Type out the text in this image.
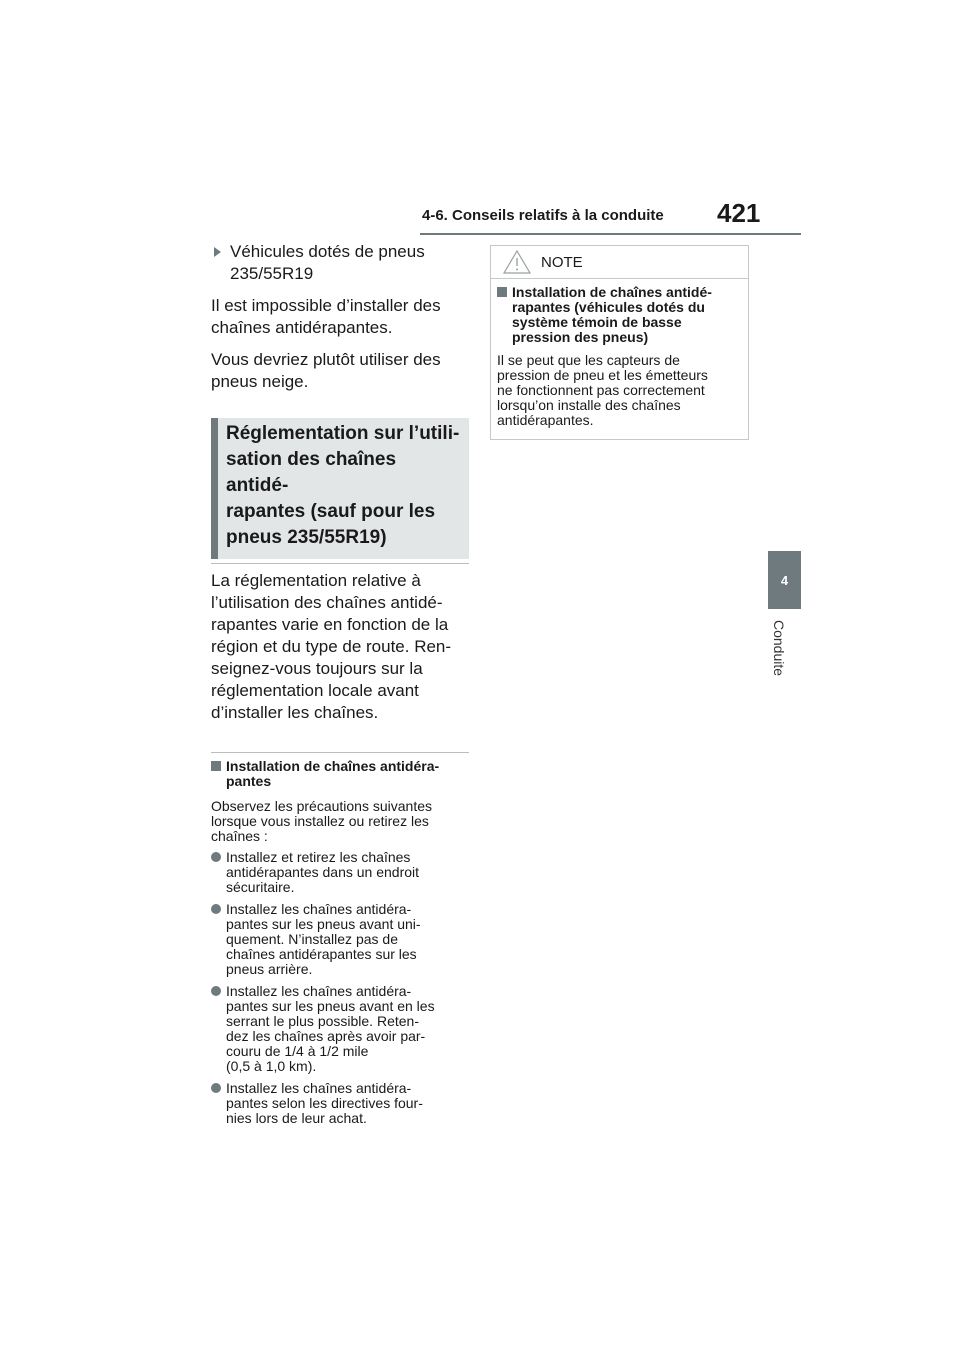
4-6. Conseils relatifs à la conduite 421
4
Conduite
Véhicules dotés de pneus 235/55R19

Il est impossible d’installer des chaînes antidérapantes.

Vous devriez plutôt utiliser des pneus neige.

Réglementation sur l’utili-
sation des chaînes antidé-
rapantes (sauf pour les
pneus 235/55R19)
La réglementation relative à
l’utilisation des chaînes antidé-
rapantes varie en fonction de la
région et du type de route. Ren-
seignez-vous toujours sur la
réglementation locale avant
d’installer les chaînes.
Installation de chaînes antidéra-
pantes
Observez les précautions suivantes
lorsque vous installez ou retirez les
chaînes :
Installez et retirez les chaînes
antidérapantes dans un endroit
sécuritaire.
Installez les chaînes antidéra-
pantes sur les pneus avant uni-
quement. N’installez pas de
chaînes antidérapantes sur les
pneus arrière.
Installez les chaînes antidéra-
pantes sur les pneus avant en les
serrant le plus possible. Reten-
dez les chaînes après avoir par-
couru de 1/4 à 1/2 mile
(0,5 à 1,0 km).
Installez les chaînes antidéra-
pantes selon les directives four-
nies lors de leur achat.
NOTE
Installation de chaînes antidé-
rapantes (véhicules dotés du
système témoin de basse
pression des pneus)
Il se peut que les capteurs de
pression de pneu et les émetteurs
ne fonctionnent pas correctement
lorsqu’on installe des chaînes
antidérapantes.
